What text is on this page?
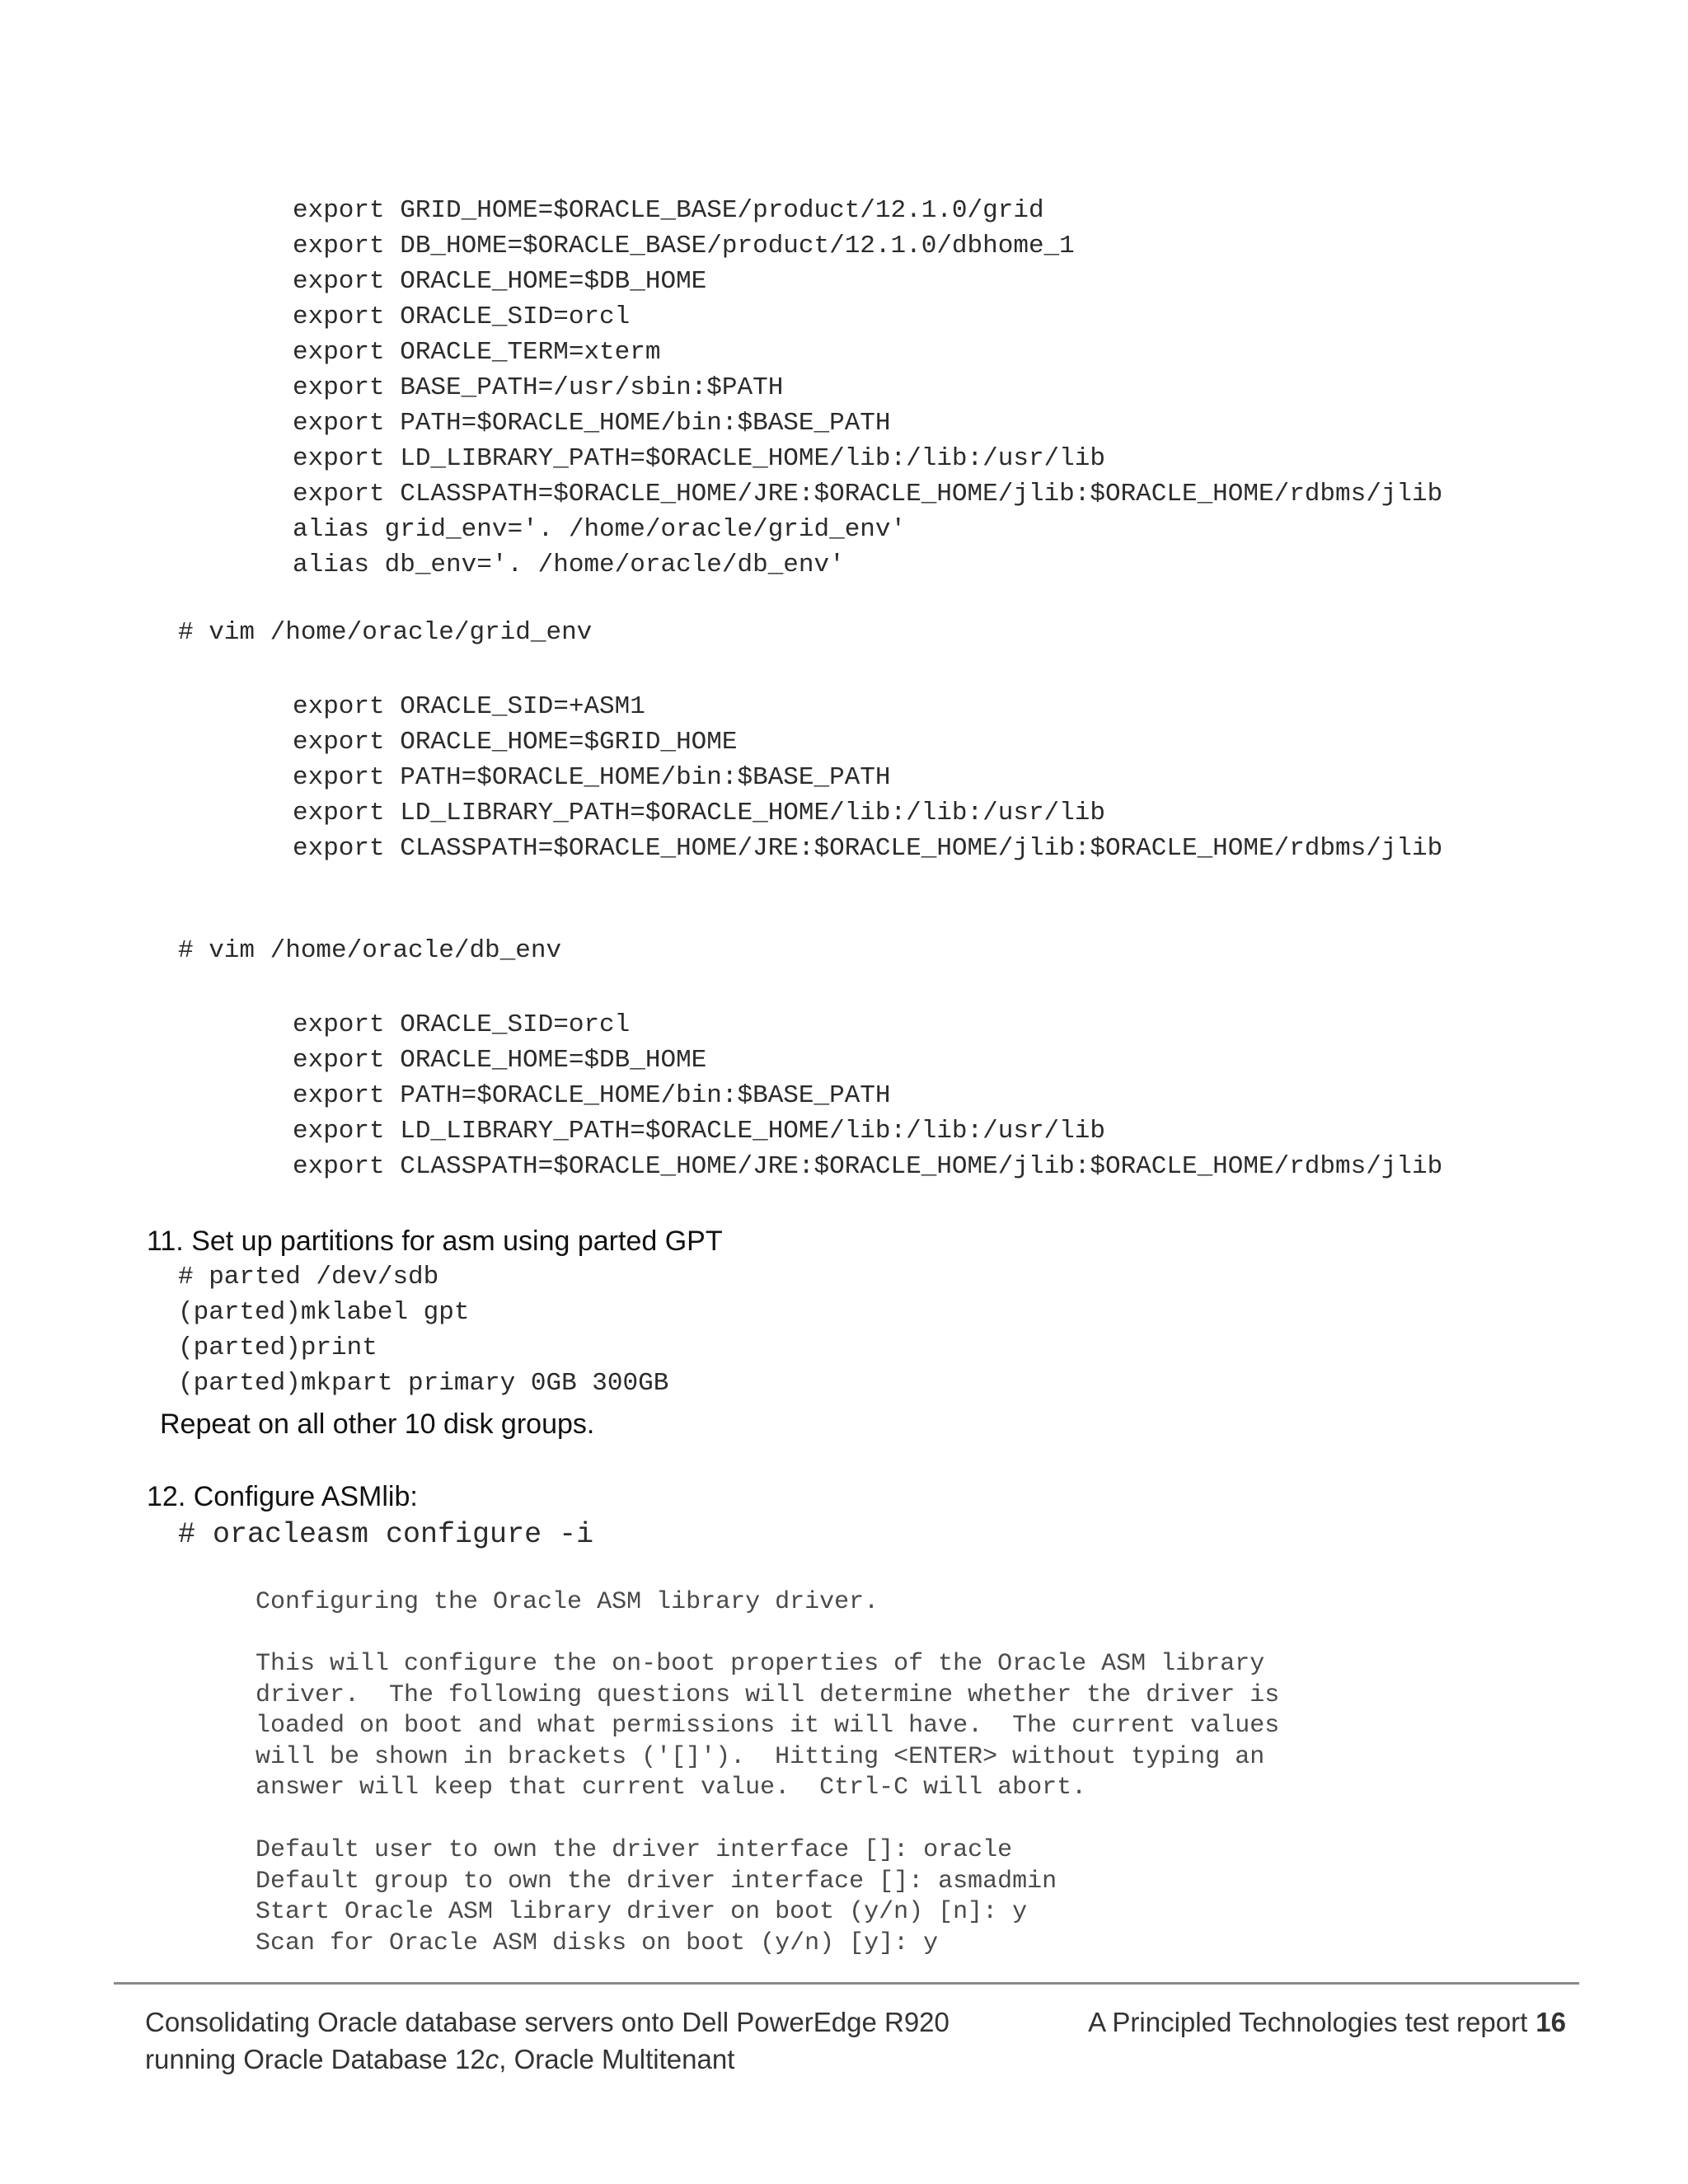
export GRID_HOME=$ORACLE_BASE/product/12.1.0/grid
export DB_HOME=$ORACLE_BASE/product/12.1.0/dbhome_1
export ORACLE_HOME=$DB_HOME
export ORACLE_SID=orcl
export ORACLE_TERM=xterm
export BASE_PATH=/usr/sbin:$PATH
export PATH=$ORACLE_HOME/bin:$BASE_PATH
export LD_LIBRARY_PATH=$ORACLE_HOME/lib:/lib:/usr/lib
export CLASSPATH=$ORACLE_HOME/JRE:$ORACLE_HOME/jlib:$ORACLE_HOME/rdbms/jlib
alias grid_env='. /home/oracle/grid_env'
alias db_env='. /home/oracle/db_env'
# vim /home/oracle/grid_env
export ORACLE_SID=+ASM1
export ORACLE_HOME=$GRID_HOME
export PATH=$ORACLE_HOME/bin:$BASE_PATH
export LD_LIBRARY_PATH=$ORACLE_HOME/lib:/lib:/usr/lib
export CLASSPATH=$ORACLE_HOME/JRE:$ORACLE_HOME/jlib:$ORACLE_HOME/rdbms/jlib
# vim /home/oracle/db_env
export ORACLE_SID=orcl
export ORACLE_HOME=$DB_HOME
export PATH=$ORACLE_HOME/bin:$BASE_PATH
export LD_LIBRARY_PATH=$ORACLE_HOME/lib:/lib:/usr/lib
export CLASSPATH=$ORACLE_HOME/JRE:$ORACLE_HOME/jlib:$ORACLE_HOME/rdbms/jlib
11. Set up partitions for asm using parted GPT
# parted /dev/sdb
(parted)mklabel gpt
(parted)print
(parted)mkpart primary 0GB 300GB
Repeat on all other 10 disk groups.
12. Configure ASMlib:
# oracleasm configure -i
Configuring the Oracle ASM library driver.
This will configure the on-boot properties of the Oracle ASM library
driver.  The following questions will determine whether the driver is
loaded on boot and what permissions it will have.  The current values
will be shown in brackets ('[]').  Hitting <ENTER> without typing an
answer will keep that current value.  Ctrl-C will abort.
Default user to own the driver interface []: oracle
Default group to own the driver interface []: asmadmin
Start Oracle ASM library driver on boot (y/n) [n]: y
Scan for Oracle ASM disks on boot (y/n) [y]: y
Consolidating Oracle database servers onto Dell PowerEdge R920
running Oracle Database 12c, Oracle Multitenant
A Principled Technologies test report 16
